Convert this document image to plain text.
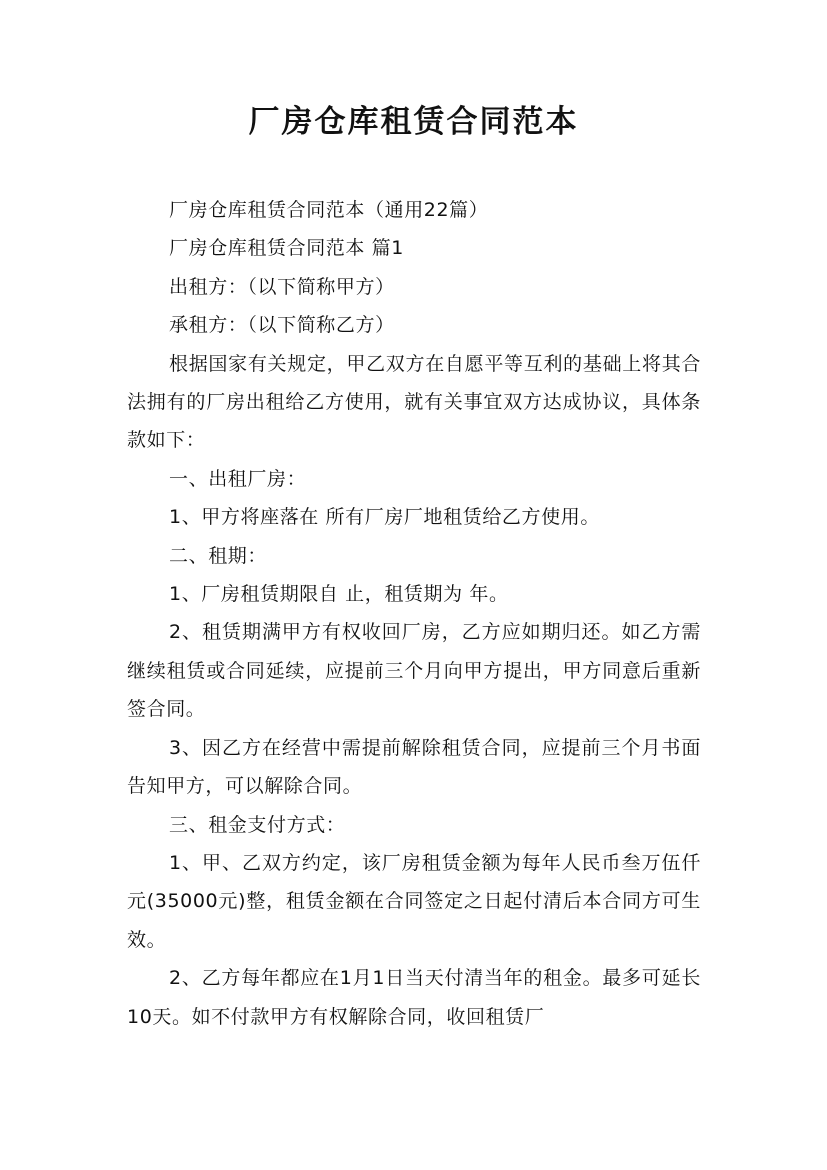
厂房仓库租赁合同范本

厂房仓库租赁合同范本（通用22篇）

厂房仓库租赁合同范本 篇1

出租方：（以下简称甲方）

承租方：（以下简称乙方）

根据国家有关规定，甲乙双方在自愿平等互利的基础上将其合法拥有的厂房出租给乙方使用，就有关事宜双方达成协议，具体条款如下：

一、出租厂房：

1、甲方将座落在 所有厂房厂地租赁给乙方使用。

二、租期：

1、厂房租赁期限自 止，租赁期为 年。

2、租赁期满甲方有权收回厂房，乙方应如期归还。如乙方需继续租赁或合同延续，应提前三个月向甲方提出，甲方同意后重新签合同。

3、因乙方在经营中需提前解除租赁合同，应提前三个月书面告知甲方，可以解除合同。

三、租金支付方式：

1、甲、乙双方约定，该厂房租赁金额为每年人民币叁万伍仟元(35000元)整，租赁金额在合同签定之日起付清后本合同方可生效。

2、乙方每年都应在1月1日当天付清当年的租金。最多可延长10天。如不付款甲方有权解除合同，收回租赁厂
